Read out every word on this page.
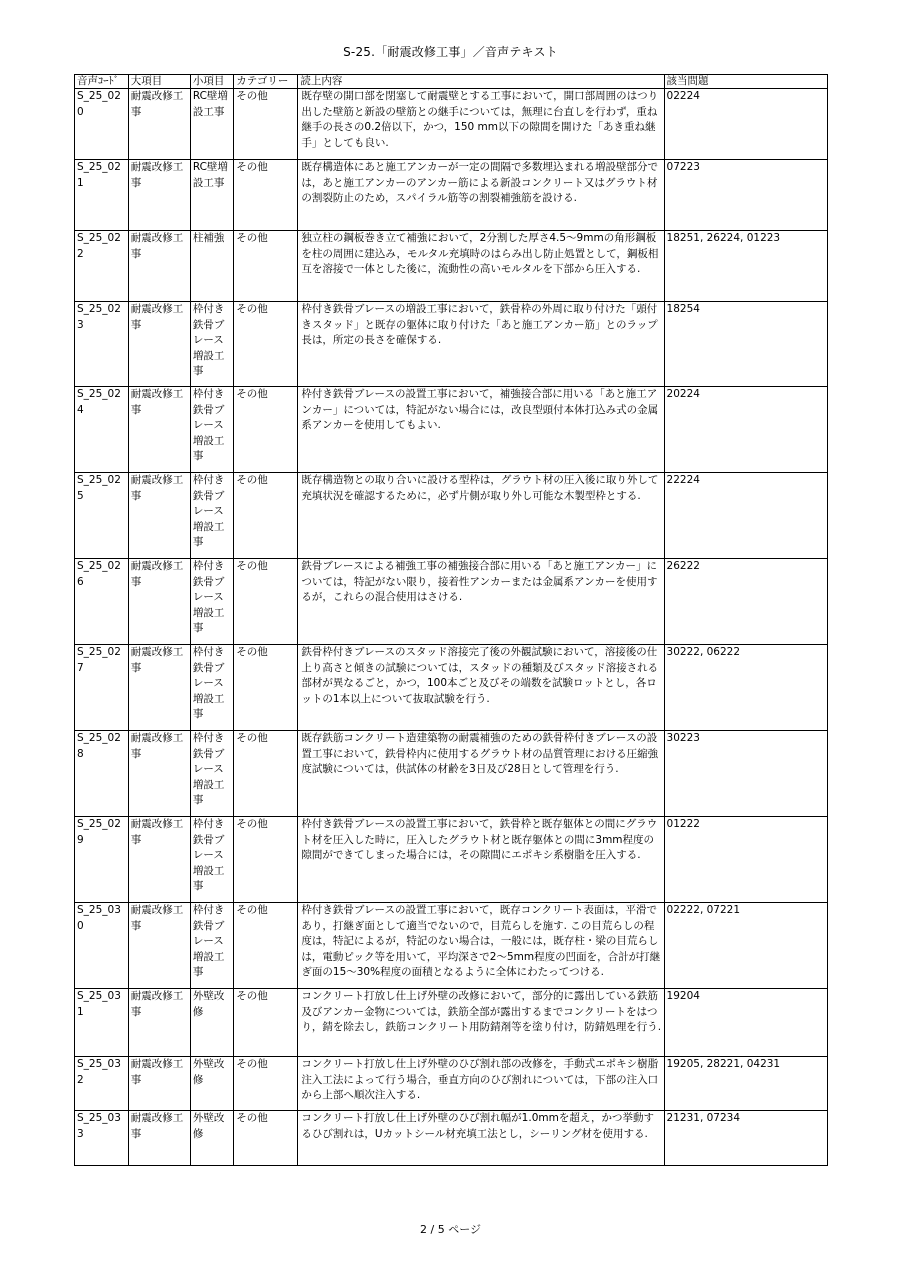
S-25.「耐震改修工事」／音声テキスト
音声ｺｰﾄﾞ	大項目	小項目	カテゴリー	読上内容	該当問題
S_25_020	耐震改修工事	RC壁増設工事	その他	既存壁の開口部を閉塞して耐震壁とする工事において，開口部周囲のはつり出した壁筋と新設の壁筋との継手については，無理に台直しを行わず，重ね継手の長さの0.2倍以下，かつ，150 mm以下の隙間を開けた「あき重ね継手」としても良い.	02224
S_25_021	耐震改修工事	RC壁増設工事	その他	既存構造体にあと施工アンカーが一定の間隔で多数埋込まれる増設壁部分では，あと施工アンカーのアンカー筋による新設コンクリート又はグラウト材の割裂防止のため，スパイラル筋等の割裂補強筋を設ける.	07223
S_25_022	耐震改修工事	柱補強	その他	独立柱の鋼板巻き立て補強において，2分割した厚さ4.5～9mmの角形鋼板を柱の周囲に建込み，モルタル充填時のはらみ出し防止処置として，鋼板相互を溶接で一体とした後に，流動性の高いモルタルを下部から圧入する.	18251, 26224, 01223
S_25_023	耐震改修工事	枠付き鉄骨ブレース増設工事	その他	枠付き鉄骨ブレースの増設工事において，鉄骨枠の外周に取り付けた「頭付きスタッド」と既存の躯体に取り付けた「あと施工アンカー筋」とのラップ長は，所定の長さを確保する.	18254
S_25_024	耐震改修工事	枠付き鉄骨ブレース増設工事	その他	枠付き鉄骨ブレースの設置工事において，補強接合部に用いる「あと施工アンカー」については，特記がない場合には，改良型頭付本体打込み式の金属系アンカーを使用してもよい.	20224
S_25_025	耐震改修工事	枠付き鉄骨ブレース増設工事	その他	既存構造物との取り合いに設ける型枠は，グラウト材の圧入後に取り外して充填状況を確認するために，必ず片側が取り外し可能な木製型枠とする.	22224
S_25_026	耐震改修工事	枠付き鉄骨ブレース増設工事	その他	鉄骨ブレースによる補強工事の補強接合部に用いる「あと施工アンカー」については，特記がない限り，接着性アンカーまたは金属系アンカーを使用するが，これらの混合使用はさける.	26222
S_25_027	耐震改修工事	枠付き鉄骨ブレース増設工事	その他	鉄骨枠付きブレースのスタッド溶接完了後の外観試験において，溶接後の仕上り高さと傾きの試験については，スタッドの種類及びスタッド溶接される部材が異なるごと，かつ，100本ごと及びその端数を試験ロットとし，各ロットの1本以上について抜取試験を行う.	30222, 06222
S_25_028	耐震改修工事	枠付き鉄骨ブレース増設工事	その他	既存鉄筋コンクリート造建築物の耐震補強のための鉄骨枠付きブレースの設置工事において，鉄骨枠内に使用するグラウト材の品質管理における圧縮強度試験については，供試体の材齢を3日及び28日として管理を行う.	30223
S_25_029	耐震改修工事	枠付き鉄骨ブレース増設工事	その他	枠付き鉄骨ブレースの設置工事において，鉄骨枠と既存躯体との間にグラウト材を圧入した時に，圧入したグラウト材と既存躯体との間に3mm程度の隙間ができてしまった場合には，その隙間にエポキシ系樹脂を圧入する.	01222
S_25_030	耐震改修工事	枠付き鉄骨ブレース増設工事	その他	枠付き鉄骨ブレースの設置工事において，既存コンクリート表面は，平滑であり，打継ぎ面として適当でないので，目荒らしを施す. この目荒らしの程度は，特記によるが，特記のない場合は，一般には，既存柱・梁の目荒らしは，電動ピック等を用いて，平均深さで2～5mm程度の凹面を，合計が打継ぎ面の15～30%程度の面積となるように全体にわたってつける.	02222, 07221
S_25_031	耐震改修工事	外壁改修	その他	コンクリート打放し仕上げ外壁の改修において，部分的に露出している鉄筋及びアンカー金物については，鉄筋全部が露出するまでコンクリートをはつり，錆を除去し，鉄筋コンクリート用防錆剤等を塗り付け，防錆処理を行う.	19204
S_25_032	耐震改修工事	外壁改修	その他	コンクリート打放し仕上げ外壁のひび割れ部の改修を，手動式エポキシ樹脂注入工法によって行う場合，垂直方向のひび割れについては，下部の注入口から上部へ順次注入する.	19205, 28221, 04231
S_25_033	耐震改修工事	外壁改修	その他	コンクリート打放し仕上げ外壁のひび割れ幅が1.0mmを超え，かつ挙動するひび割れは，Uカットシール材充填工法とし，シーリング材を使用する.	21231, 07234
2 / 5 ページ
